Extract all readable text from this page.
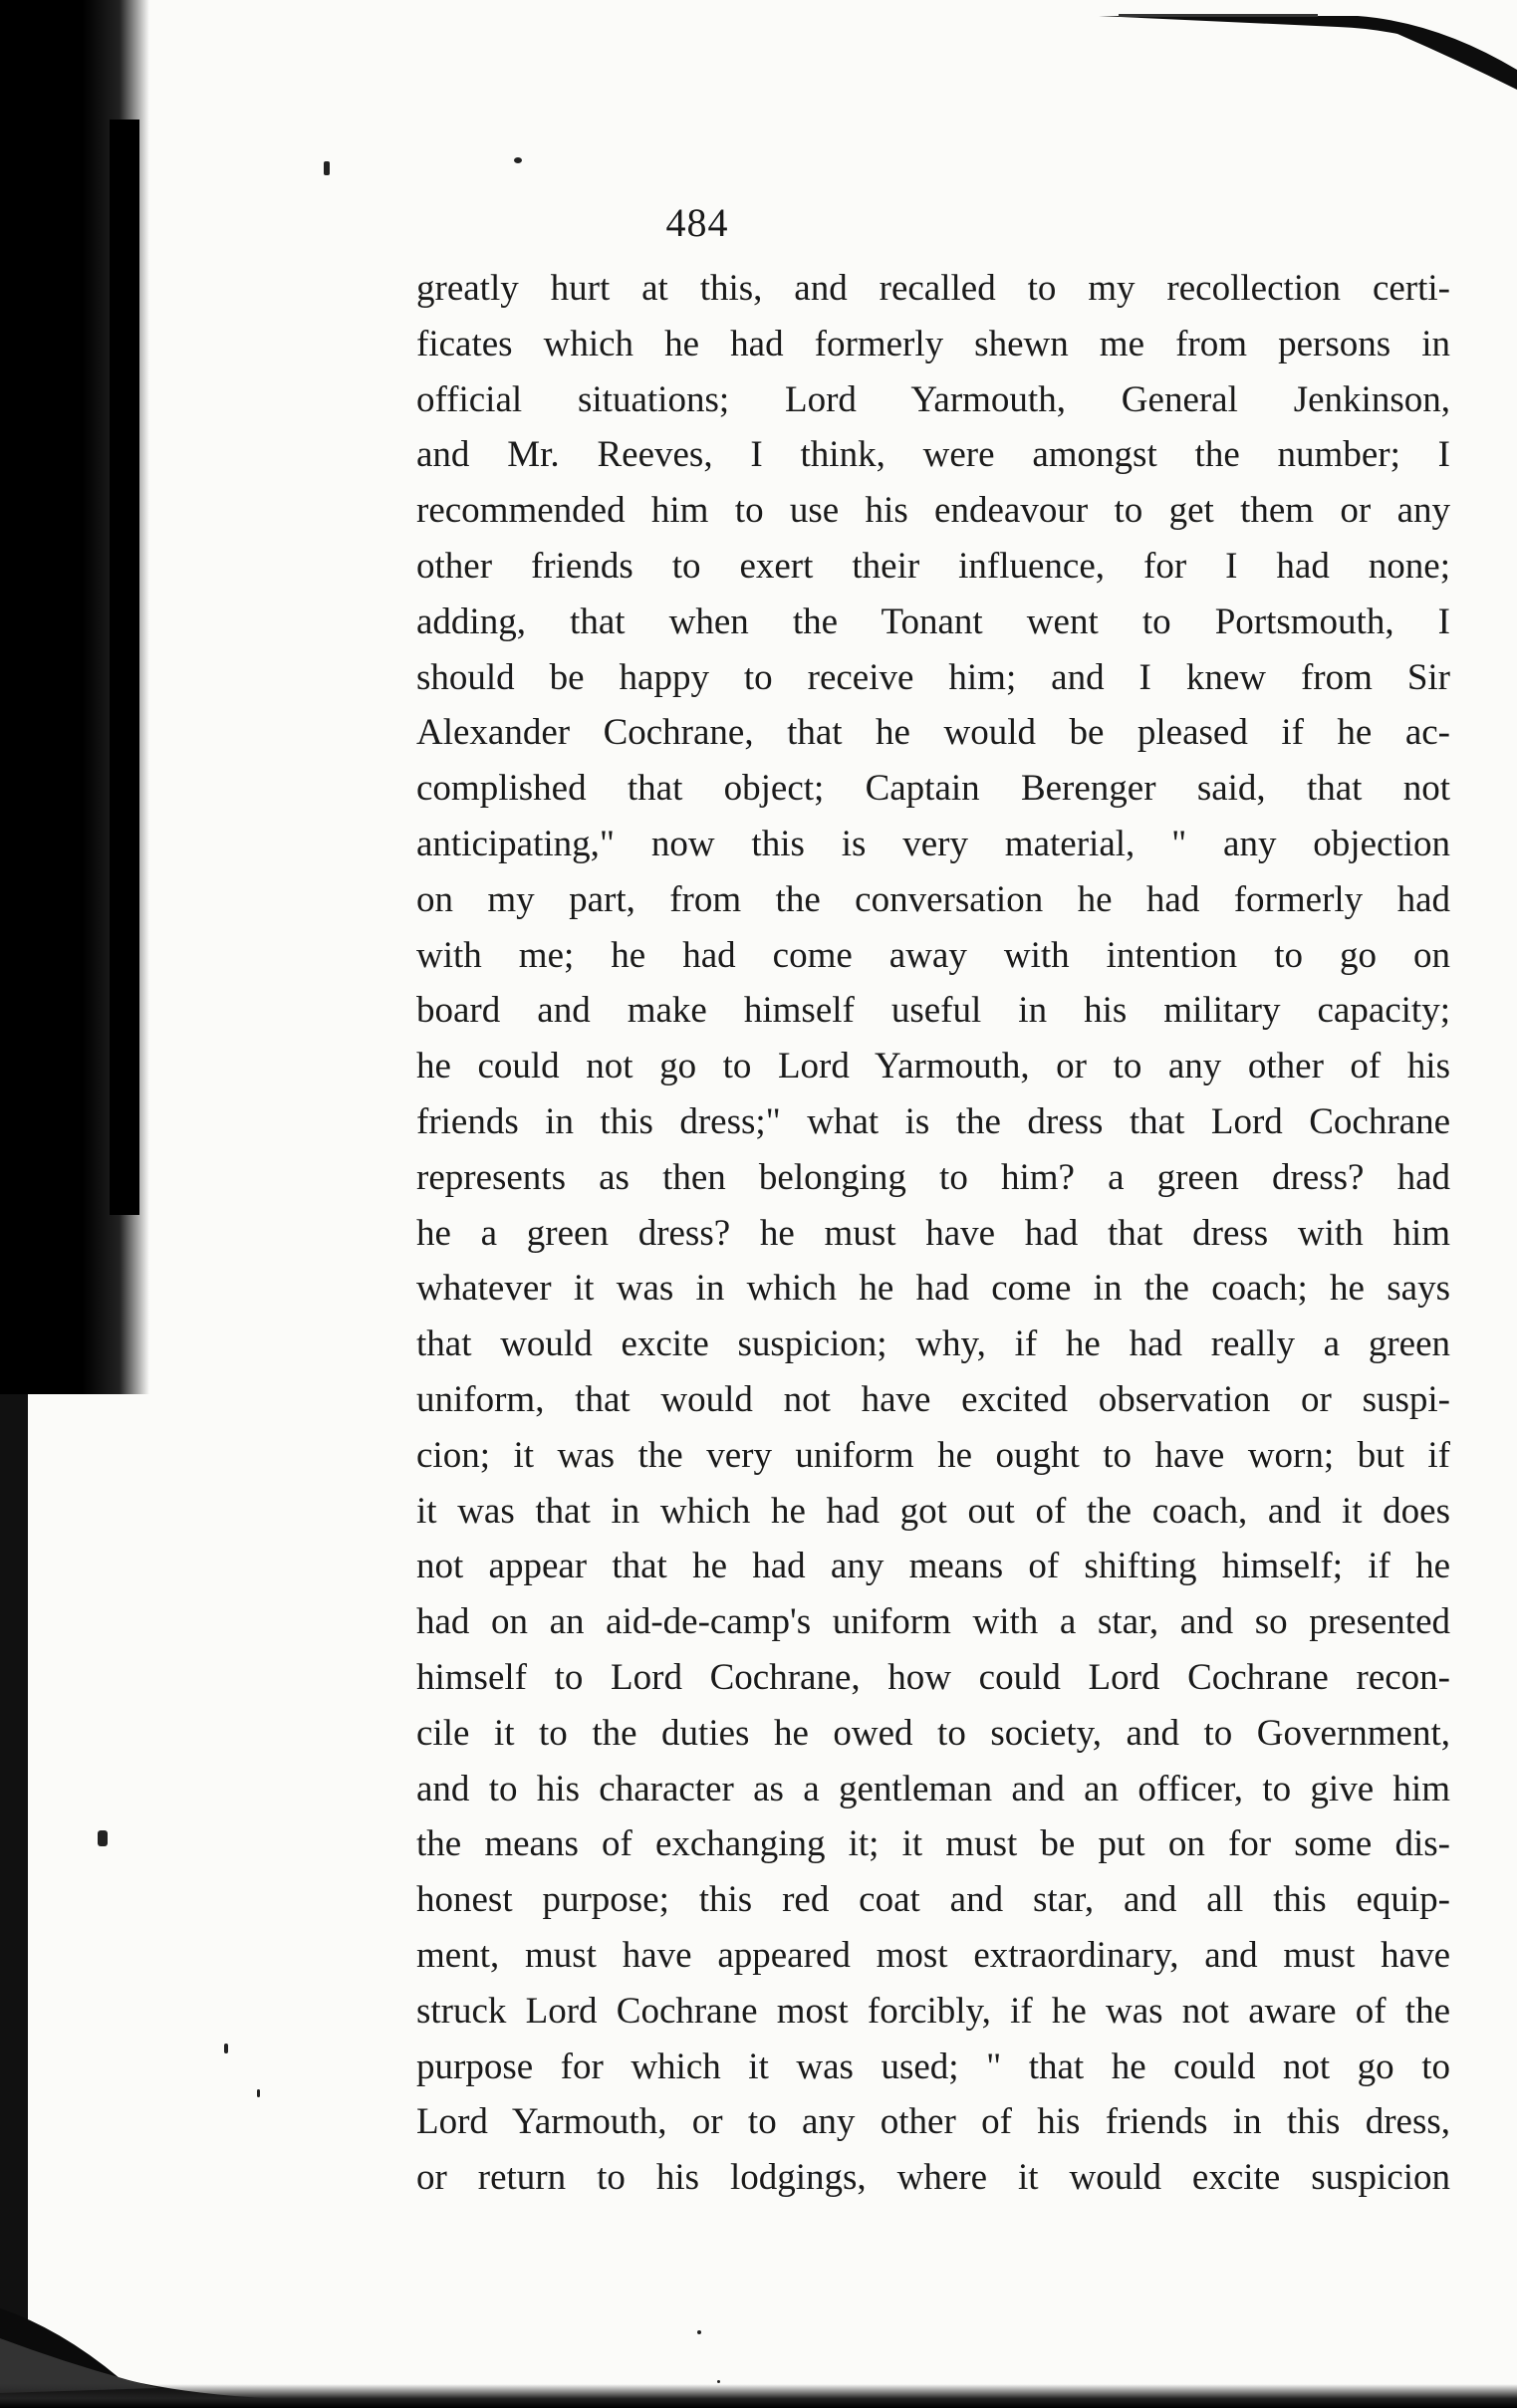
484
greatly hurt at this, and recalled to my recollection certi-
ficates which he had formerly shewn me from persons in
official situations; Lord Yarmouth, General Jenkinson,
and Mr. Reeves, I think, were amongst the number; I
recommended him to use his endeavour to get them or any
other friends to exert their influence, for I had none;
adding, that when the Tonant went to Portsmouth, I
should be happy to receive him; and I knew from Sir
Alexander Cochrane, that he would be pleased if he ac-
complished that object; Captain Berenger said, that not
anticipating," now this is very material, " any objection
on my part, from the conversation he had formerly had
with me; he had come away with intention to go on
board and make himself useful in his military capacity;
he could not go to Lord Yarmouth, or to any other of his
friends in this dress;" what is the dress that Lord Cochrane
represents as then belonging to him? a green dress? had
he a green dress? he must have had that dress with him
whatever it was in which he had come in the coach; he says
that would excite suspicion; why, if he had really a green
uniform, that would not have excited observation or suspi-
cion; it was the very uniform he ought to have worn; but if
it was that in which he had got out of the coach, and it does
not appear that he had any means of shifting himself; if he
had on an aid-de-camp's uniform with a star, and so presented
himself to Lord Cochrane, how could Lord Cochrane recon-
cile it to the duties he owed to society, and to Government,
and to his character as a gentleman and an officer, to give him
the means of exchanging it; it must be put on for some dis-
honest purpose; this red coat and star, and all this equip-
ment, must have appeared most extraordinary, and must have
struck Lord Cochrane most forcibly, if he was not aware of the
purpose for which it was used; " that he could not go to
Lord Yarmouth, or to any other of his friends in this dress,
or return to his lodgings, where it would excite suspicion
